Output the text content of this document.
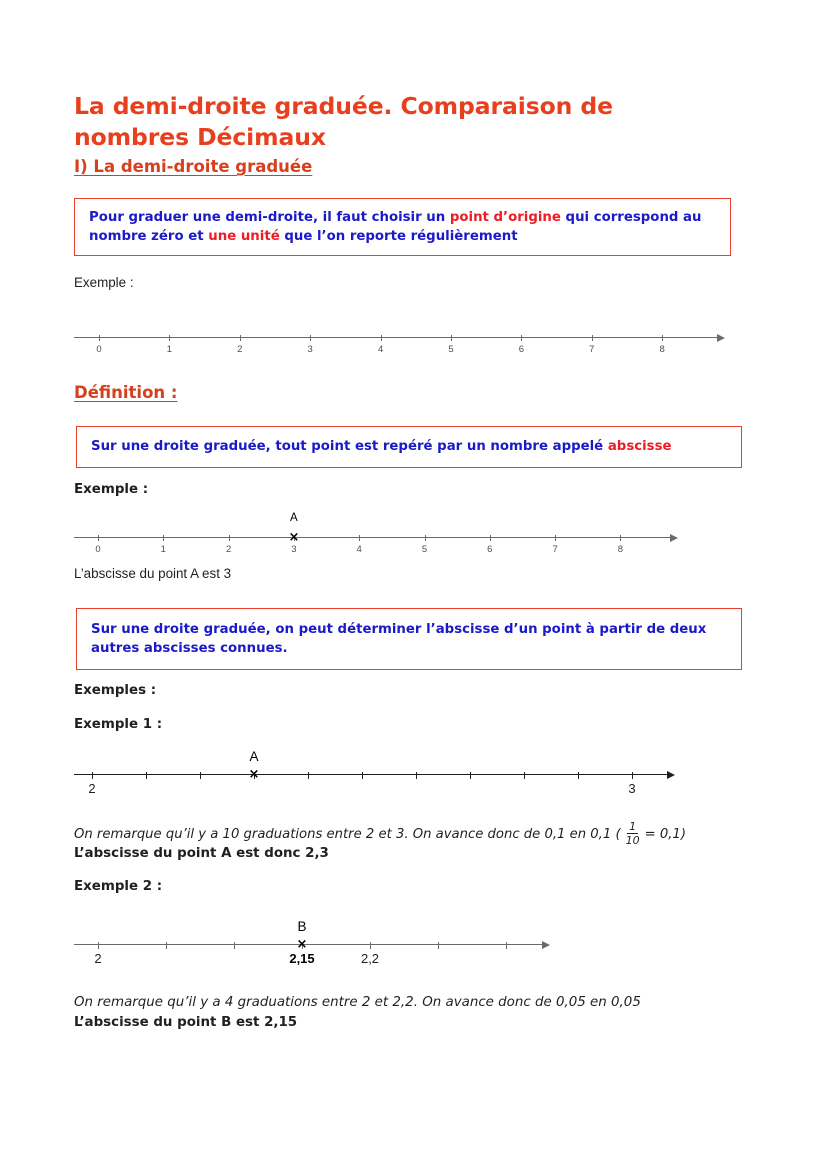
La demi-droite graduée. Comparaison de nombres Décimaux
I) La demi-droite graduée
Pour graduer une demi-droite, il faut choisir un point d’origine qui correspond au nombre zéro et une unité que l’on reporte régulièrement
Exemple :
0	1	2	3	4	5	6	7	8
Définition :
Sur une droite graduée, tout point est repéré par un nombre appelé abscisse
Exemple :
0	1	2	3	4	5	6	7	8
×
A
L’abscisse du point A est 3
Sur une droite graduée, on peut déterminer l’abscisse d’un point à partir de deux autres abscisses connues.
Exemples :
Exemple 1 :
2	3
×
A
On remarque qu’il y a 10 graduations entre 2 et 3. On avance donc de 0,1 en 0,1 ( $\frac{1}{10} = 0,1$)
L’abscisse du point A est donc 2,3
Exemple 2 :
2	2,15	2,2
×
B
On remarque qu’il y a 4 graduations entre 2 et 2,2. On avance donc de 0,05 en 0,05
L’abscisse du point B est 2,15
